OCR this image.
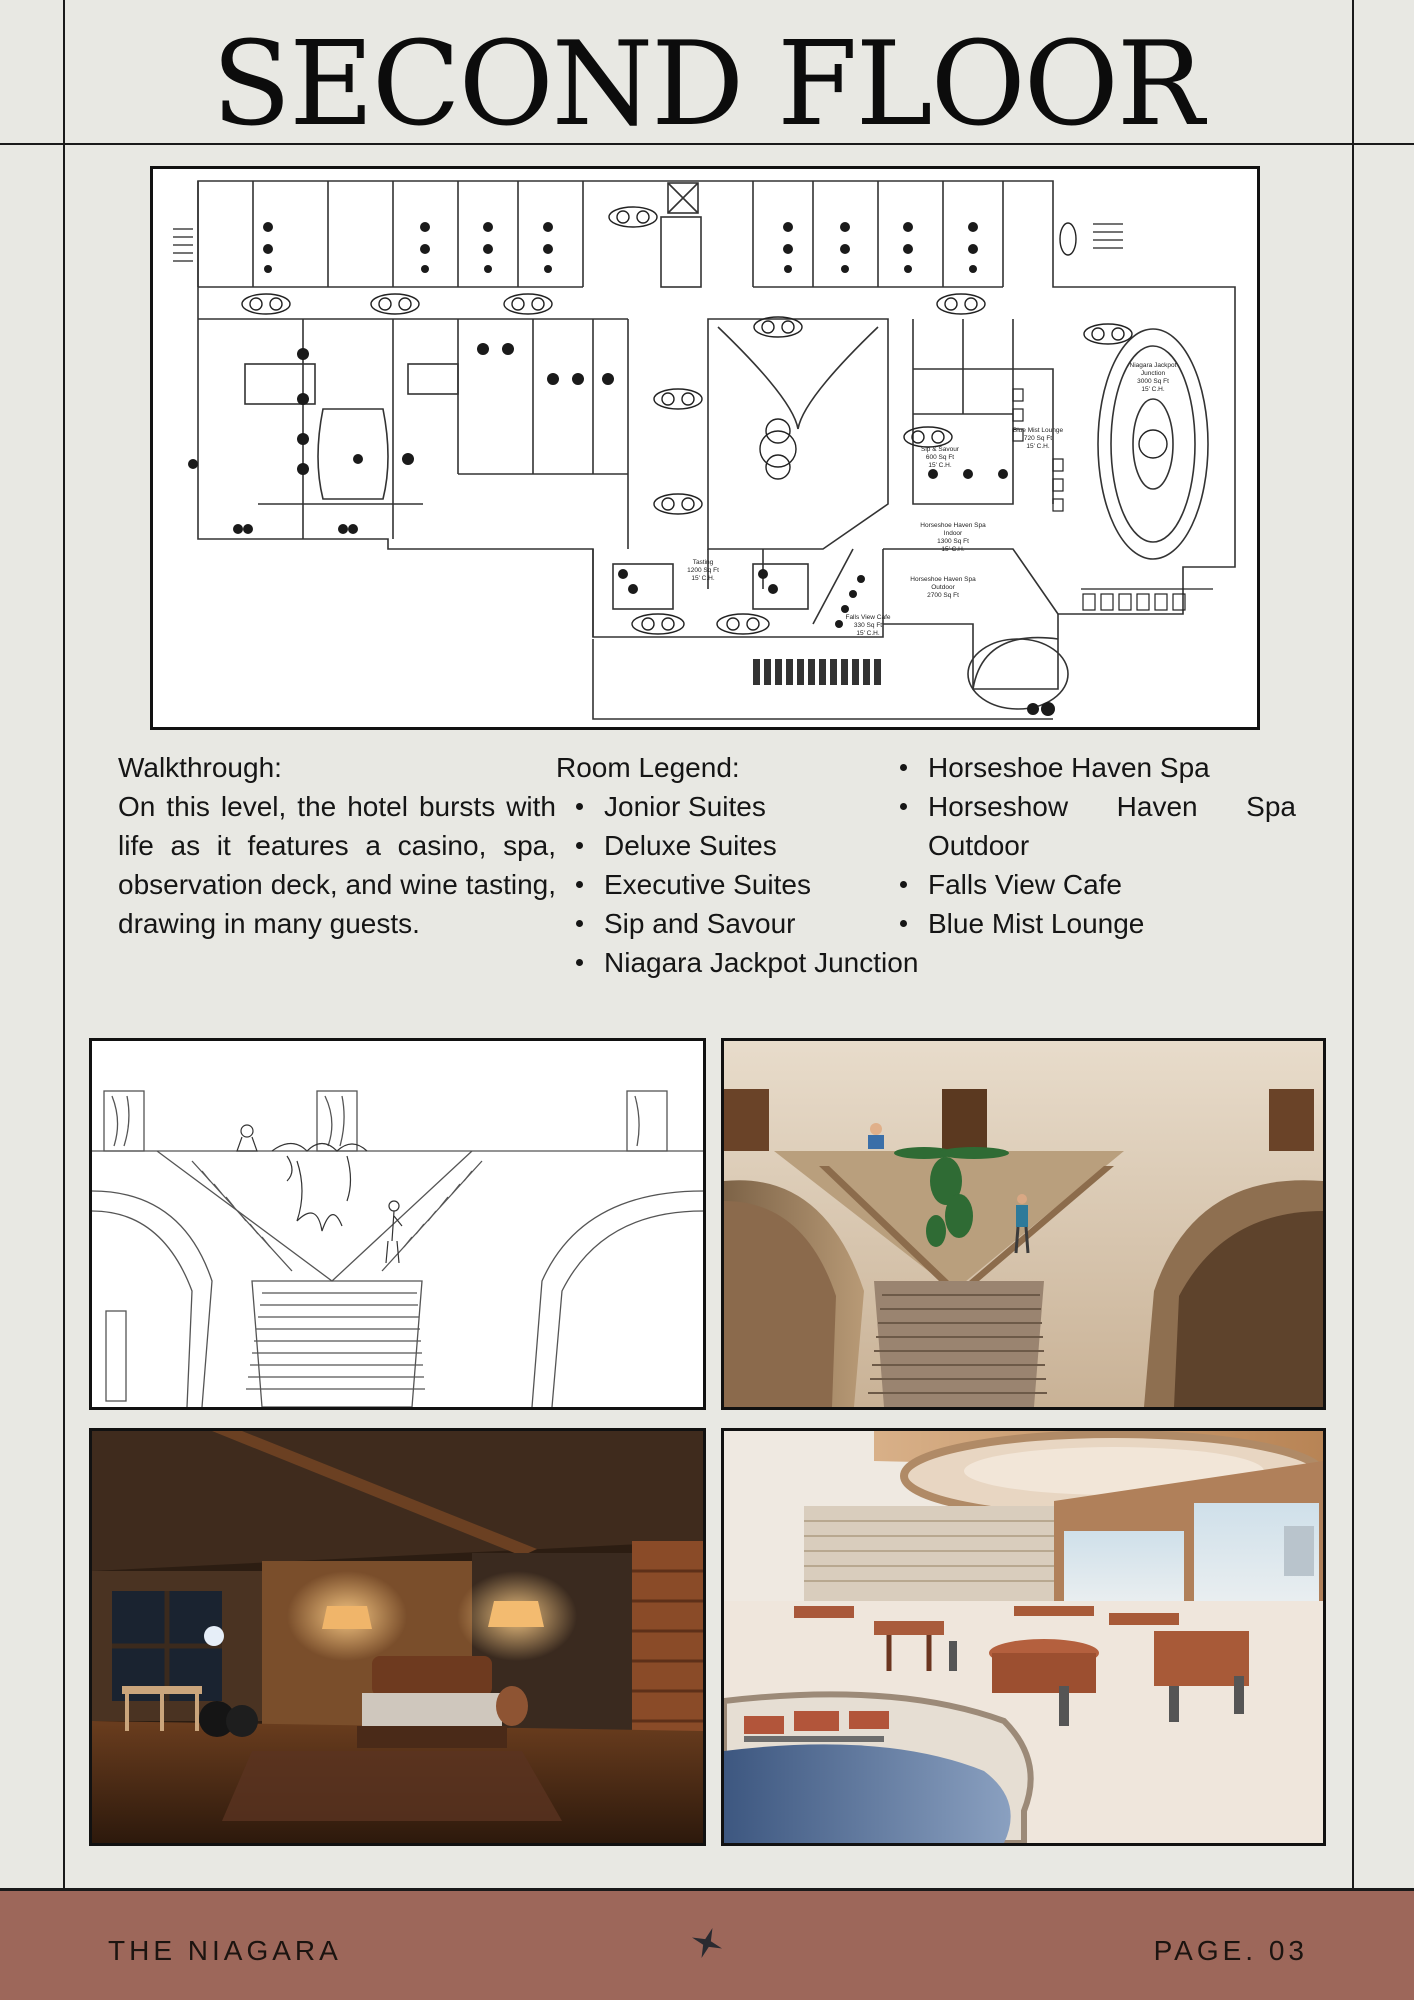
SECOND FLOOR
Niagara Jackpot
Junction
3000 Sq Ft
15' C.H.
Blue Mist Lounge
720 Sq Ft
15' C.H.
Horseshoe Haven Spa
Indoor
1300 Sq Ft
15' C.H.
Horseshoe Haven Spa
Outdoor
2700 Sq Ft
Sip & Savour
600 Sq Ft
15' C.H.
Tasting
1200 Sq Ft
15' C.H.
Falls View Cafe
330 Sq Ft
15' C.H.
Walkthrough:
On this level, the hotel bursts with life as it features a casino, spa, observation deck, and wine tasting, drawing in many guests.
Room Legend:
Jonior Suites
Deluxe Suites
Executive Suites
Sip and Savour
Niagara Jackpot Junction
Horseshoe Haven Spa
Horseshow Haven Spa Outdoor
Falls View Cafe
Blue Mist Lounge
THE NIAGARA	PAGE. 03
